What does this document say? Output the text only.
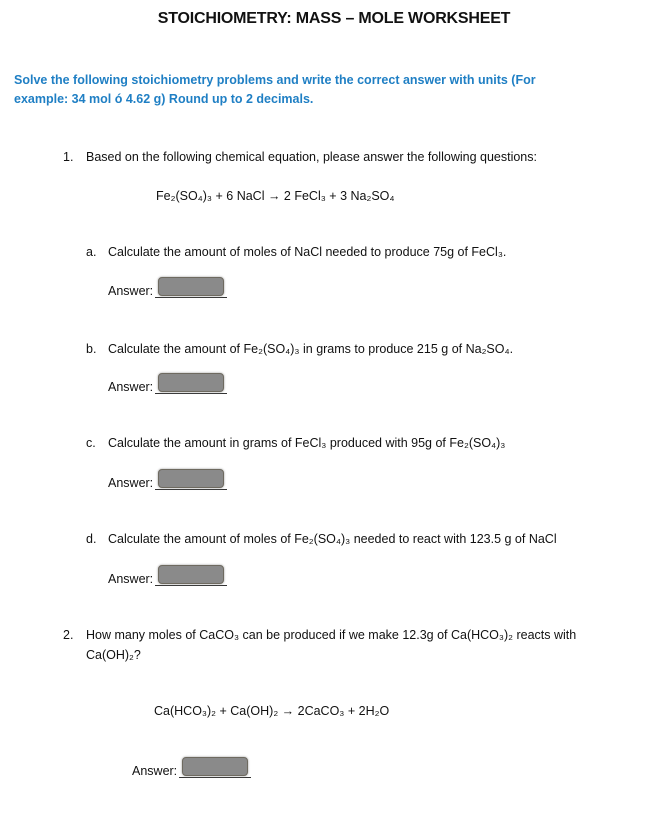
STOICHIOMETRY: MASS – MOLE WORKSHEET
Solve the following stoichiometry problems and write the correct answer with units (For
example: 34 mol ó 4.62 g) Round up to 2 decimals.
1. Based on the following chemical equation, please answer the following questions:
Fe₂(SO₄)₃ + 6 NaCl → 2 FeCl₃ + 3 Na₂SO₄
a. Calculate the amount of moles of NaCl needed to produce 75g of FeCl₃.
Answer:
b. Calculate the amount of Fe₂(SO₄)₃ in grams to produce 215 g of Na₂SO₄.
Answer:
c. Calculate the amount in grams of FeCl₃ produced with 95g of Fe₂(SO₄)₃
Answer:
d. Calculate the amount of moles of Fe₂(SO₄)₃ needed to react with 123.5 g of NaCl
Answer:
2. How many moles of CaCO₃ can be produced if we make 12.3g of Ca(HCO₃)₂ reacts with
Ca(OH)₂?
Ca(HCO₃)₂ + Ca(OH)₂ → 2CaCO₃ + 2H₂O
Answer:
